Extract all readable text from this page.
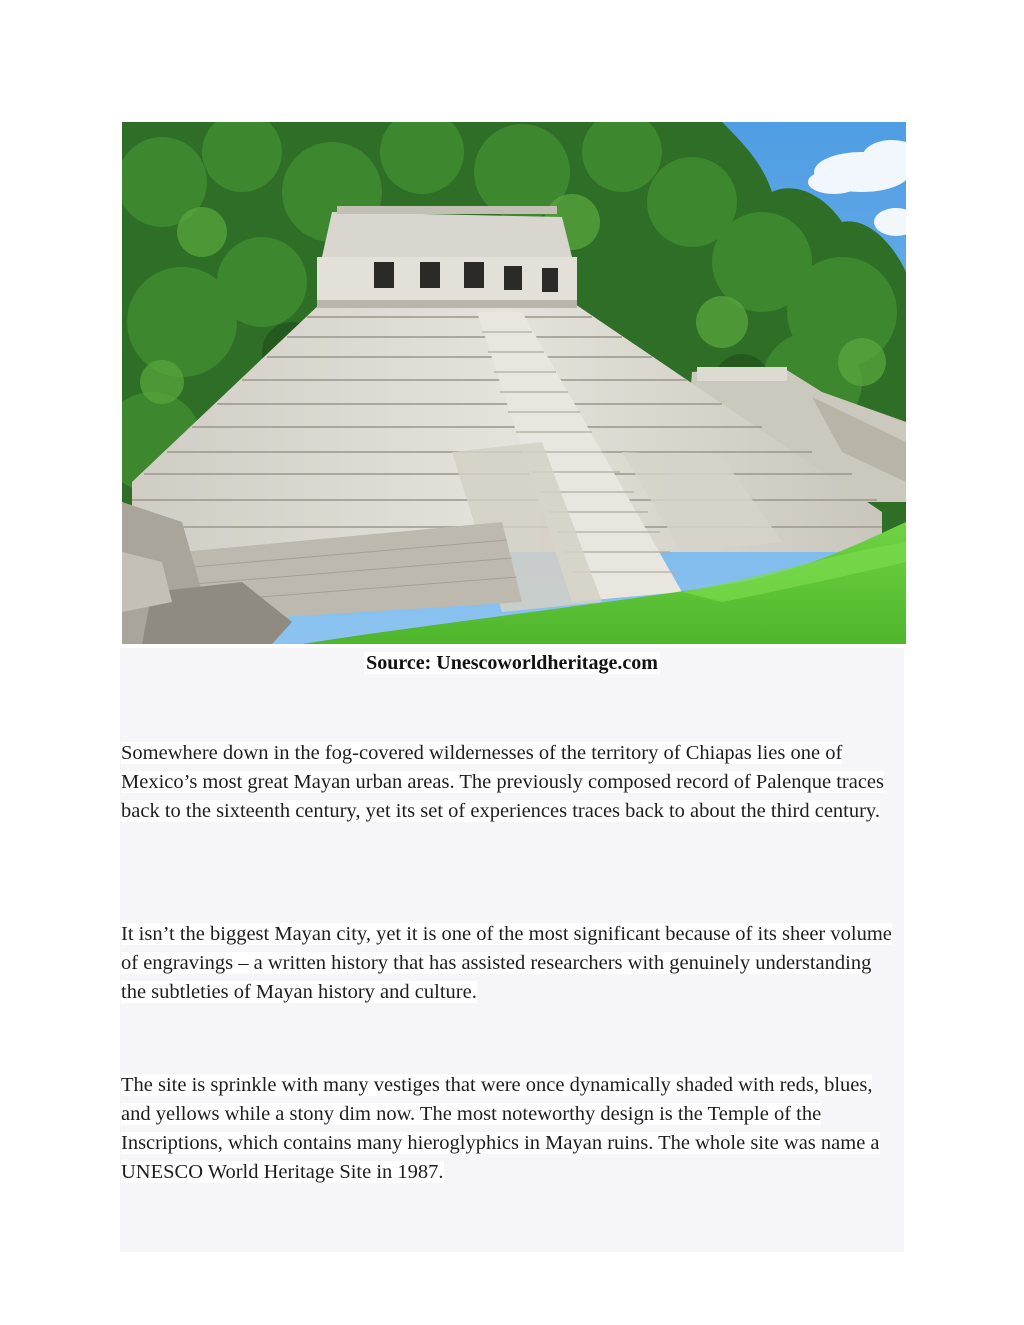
Source: Unescoworldheritage.com

Somewhere down in the fog-covered wildernesses of the territory of Chiapas lies one of Mexico’s most great Mayan urban areas. The previously composed record of Palenque traces back to the sixteenth century, yet its set of experiences traces back to about the third century.

It isn’t the biggest Mayan city, yet it is one of the most significant because of its sheer volume of engravings – a written history that has assisted researchers with genuinely understanding the subtleties of Mayan history and culture.

The site is sprinkle with many vestiges that were once dynamically shaded with reds, blues, and yellows while a stony dim now. The most noteworthy design is the Temple of the Inscriptions, which contains many hieroglyphics in Mayan ruins. The whole site was name a UNESCO World Heritage Site in 1987.
